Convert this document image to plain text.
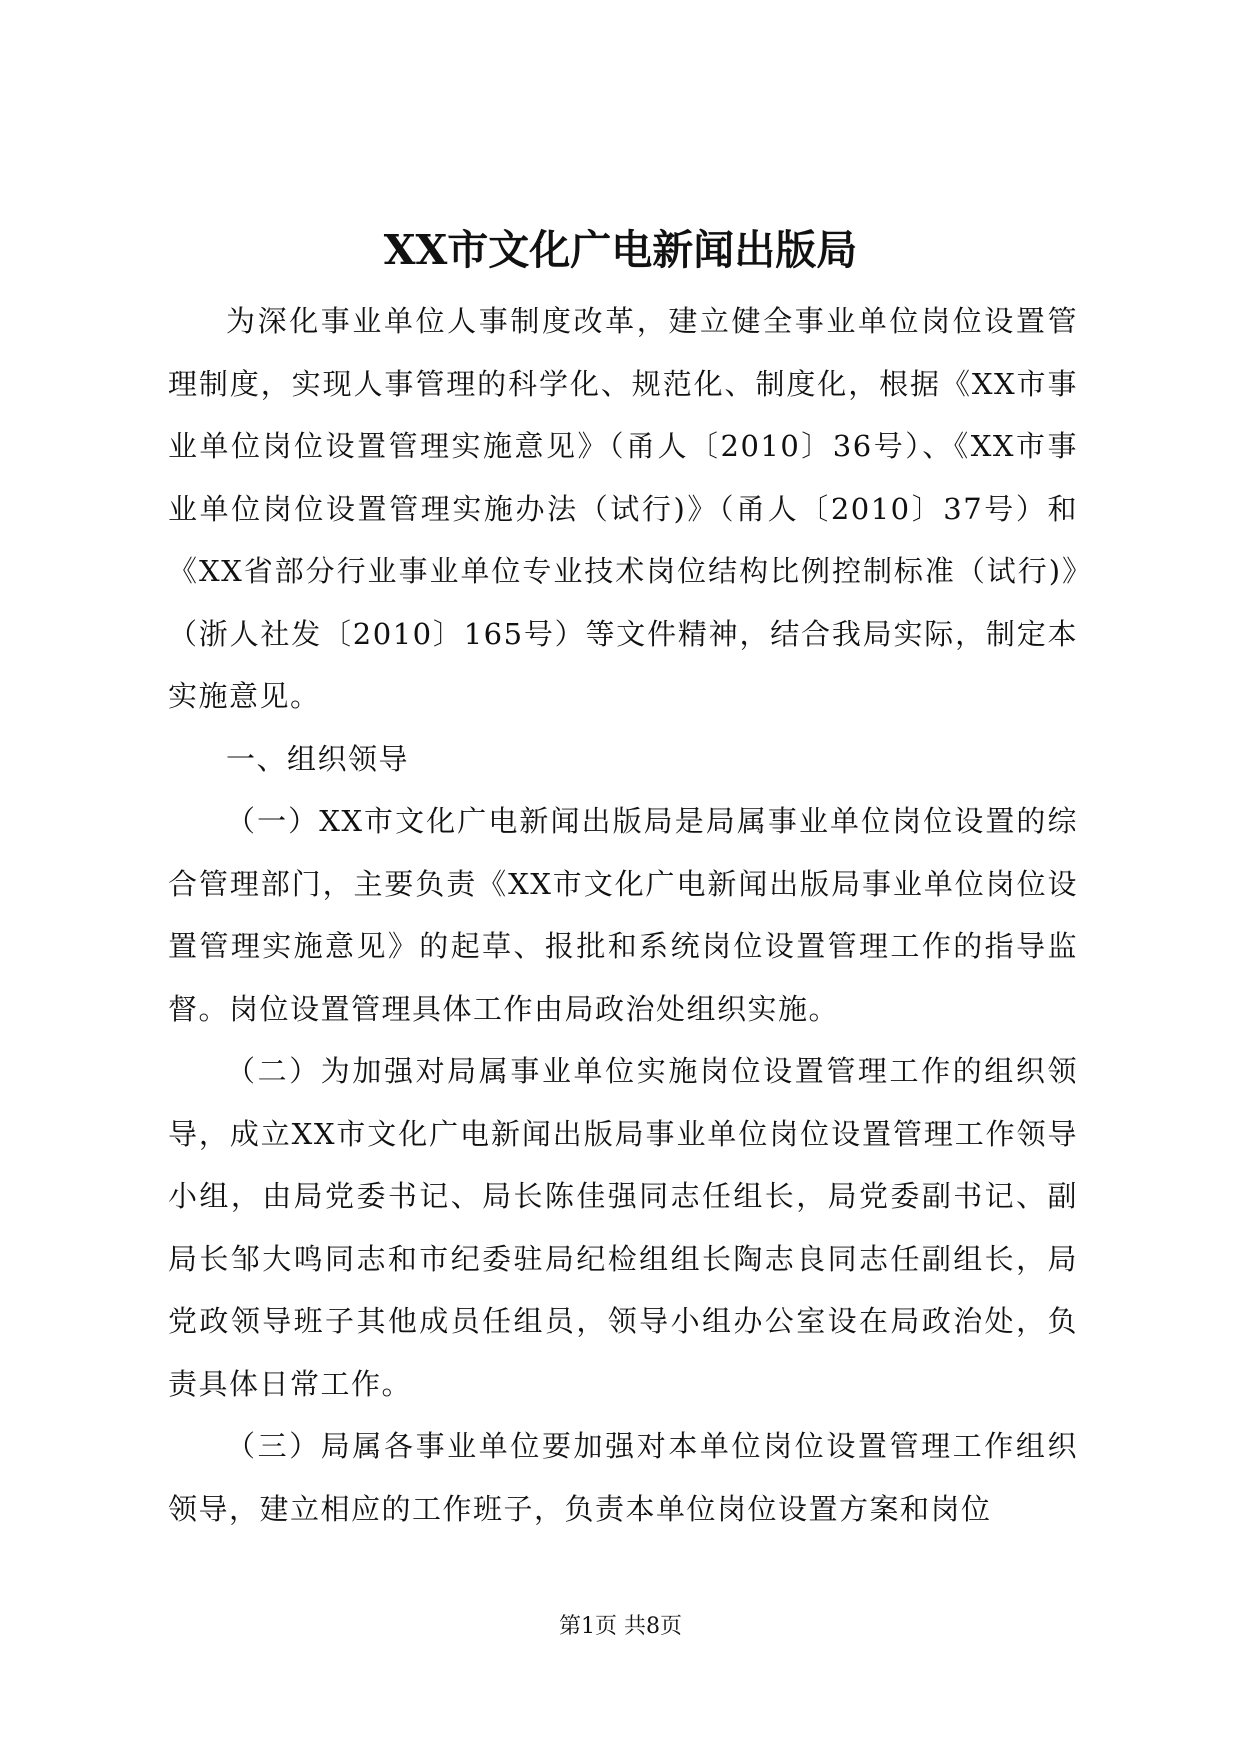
XX市文化广电新闻出版局

为深化事业单位人事制度改革，建立健全事业单位岗位设置管理制度，实现人事管理的科学化、规范化、制度化，根据《XX市事业单位岗位设置管理实施意见》（甬人〔2010〕36号）、《XX市事业单位岗位设置管理实施办法（试行)》（甬人〔2010〕37号）和《XX省部分行业事业单位专业技术岗位结构比例控制标准（试行)》（浙人社发〔2010〕165号）等文件精神，结合我局实际，制定本实施意见。

一、组织领导

（一）XX市文化广电新闻出版局是局属事业单位岗位设置的综合管理部门，主要负责《XX市文化广电新闻出版局事业单位岗位设置管理实施意见》的起草、报批和系统岗位设置管理工作的指导监督。岗位设置管理具体工作由局政治处组织实施。

（二）为加强对局属事业单位实施岗位设置管理工作的组织领导，成立XX市文化广电新闻出版局事业单位岗位设置管理工作领导小组，由局党委书记、局长陈佳强同志任组长，局党委副书记、副局长邹大鸣同志和市纪委驻局纪检组组长陶志良同志任副组长，局党政领导班子其他成员任组员，领导小组办公室设在局政治处，负责具体日常工作。

（三）局属各事业单位要加强对本单位岗位设置管理工作组织领导，建立相应的工作班子，负责本单位岗位设置方案和岗位

第1页 共8页
